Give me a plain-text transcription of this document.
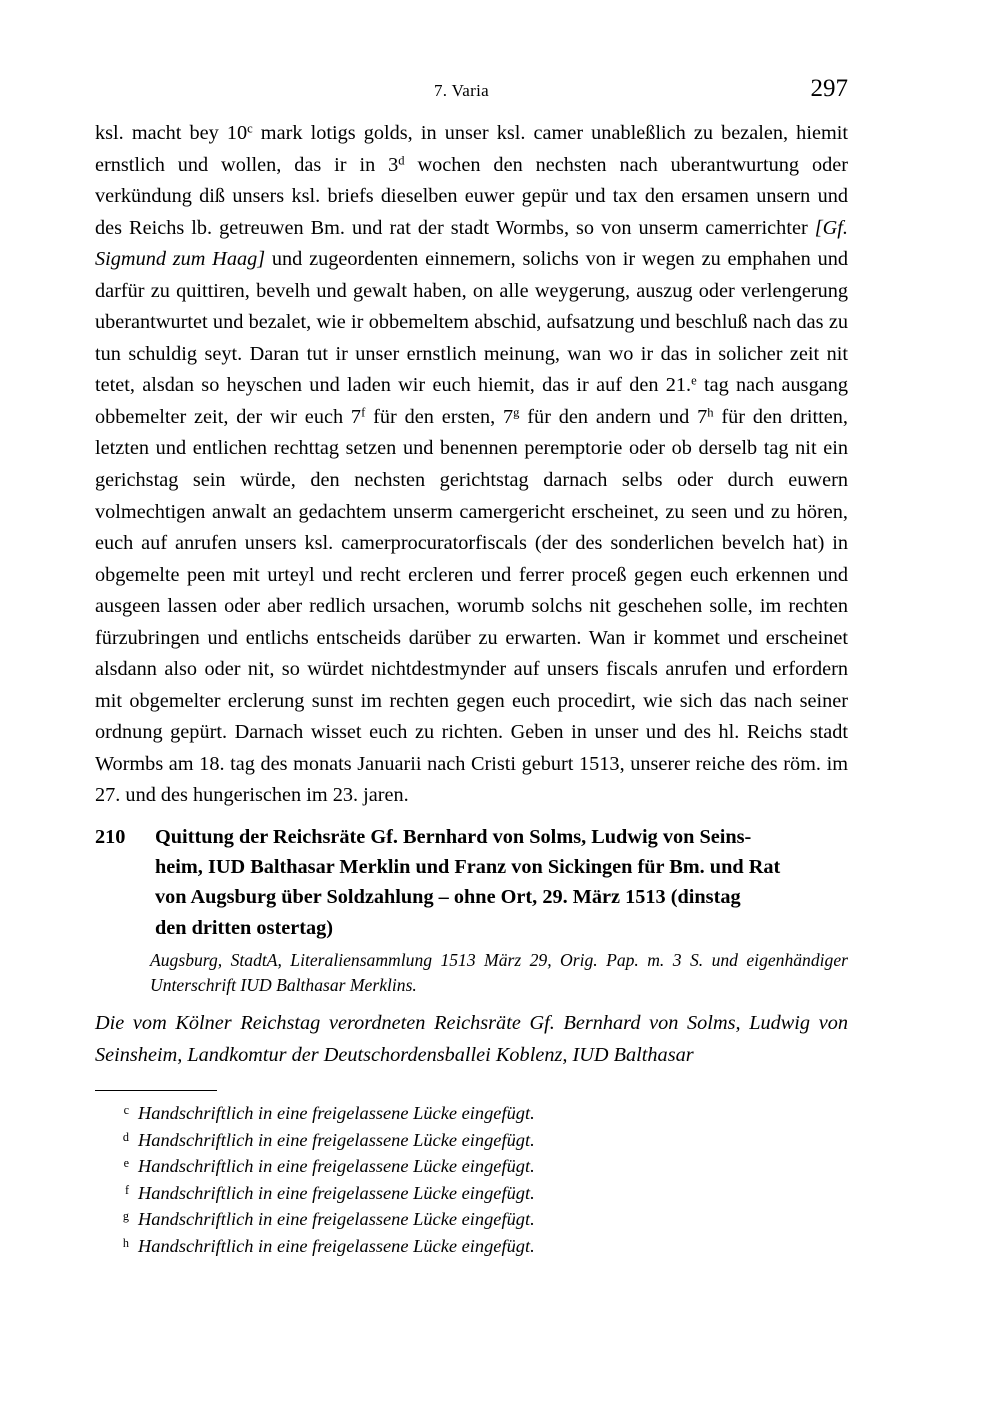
7. Varia	297

ksl. macht bey 10$^c$ mark lotigs golds, in unser ksl. camer unableßlich zu bezalen, hiemit ernstlich und wollen, das ir in 3$^d$ wochen den nechsten nach uberantwurtung oder verkündung diß unsers ksl. briefs dieselben euwer gepür und tax den ersamen unsern und des Reichs lb. getreuwen Bm. und rat der stadt Wormbs, so von unserm camerrichter [Gf. Sigmund zum Haag] und zugeordenten einnemern, solichs von ir wegen zu emphahen und darfür zu quittiren, bevelh und gewalt haben, on alle weygerung, auszug oder verlengerung uberantwurtet und bezalet, wie ir obbemeltem abschid, aufsatzung und beschluß nach das zu tun schuldig seyt. Daran tut ir unser ernstlich meinung, wan wo ir das in solicher zeit nit tetet, alsdan so heyschen und laden wir euch hiemit, das ir auf den 21.$^e$ tag nach ausgang obbemelter zeit, der wir euch 7$^f$ für den ersten, 7$^g$ für den andern und 7$^h$ für den dritten, letzten und entlichen rechttag setzen und benennen peremptorie oder ob derselb tag nit ein gerichstag sein würde, den nechsten gerichtstag darnach selbs oder durch euwern volmechtigen anwalt an gedachtem unserm camergericht erscheinet, zu seen und zu hören, euch auf anrufen unsers ksl. camerprocuratorfiscals (der des sonderlichen bevelch hat) in obgemelte peen mit urteyl und recht ercleren und ferrer proceß gegen euch erkennen und ausgeen lassen oder aber redlich ursachen, worumb solchs nit geschehen solle, im rechten fürzubringen und entlichs entscheids darüber zu erwarten. Wan ir kommet und erscheinet alsdann also oder nit, so würdet nichtdestmynder auf unsers fiscals anrufen und erfordern mit obgemelter erclerung sunst im rechten gegen euch procedirt, wie sich das nach seiner ordnung gepürt. Darnach wisset euch zu richten. Geben in unser und des hl. Reichs stadt Wormbs am 18. tag des monats Januarii nach Cristi geburt 1513, unserer reiche des röm. im 27. und des hungerischen im 23. jaren.

210 Quittung der Reichsräte Gf. Bernhard von Solms, Ludwig von Seins-
heim, IUD Balthasar Merklin und Franz von Sickingen für Bm. und Rat
von Augsburg über Soldzahlung – ohne Ort, 29. März 1513 (dinstag
den dritten ostertag)
Augsburg, StadtA, Literaliensammlung 1513 März 29, Orig. Pap. m. 3 S. und eigenhändiger Unterschrift IUD Balthasar Merklins.
Die vom Kölner Reichstag verordneten Reichsräte Gf. Bernhard von Solms, Ludwig von Seinsheim, Landkomtur der Deutschordensballei Koblenz, IUD Balthasar
c Handschriftlich in eine freigelassene Lücke eingefügt.
d Handschriftlich in eine freigelassene Lücke eingefügt.
e Handschriftlich in eine freigelassene Lücke eingefügt.
f Handschriftlich in eine freigelassene Lücke eingefügt.
g Handschriftlich in eine freigelassene Lücke eingefügt.
h Handschriftlich in eine freigelassene Lücke eingefügt.
